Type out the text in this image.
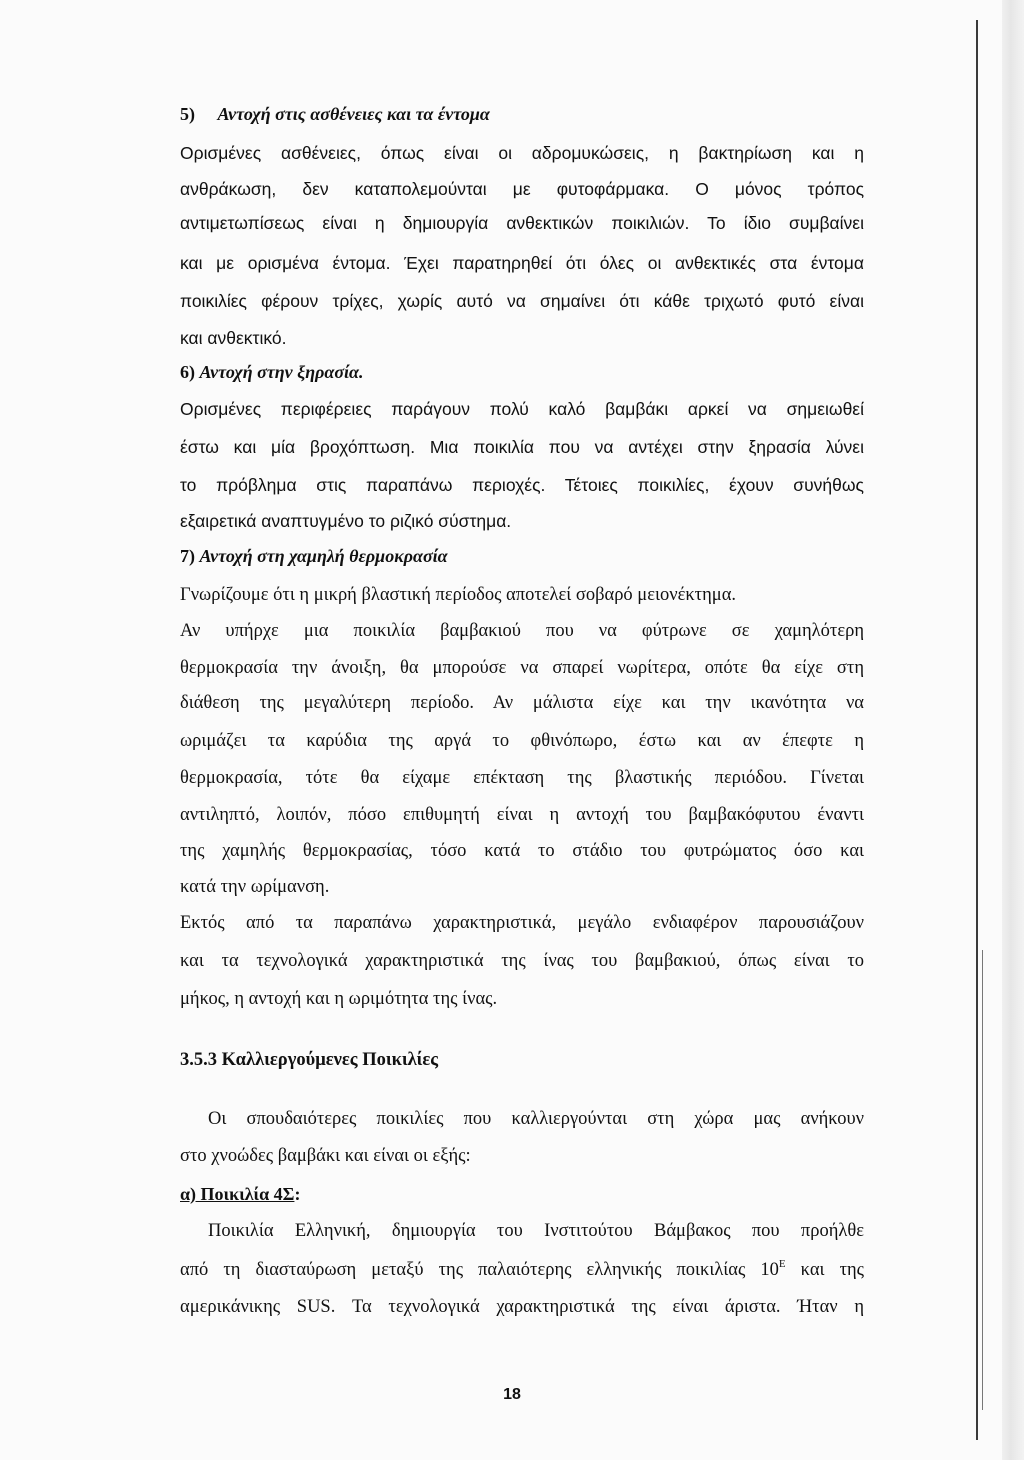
5) Αντοχή στις ασθένειες και τα έντομα

Ορισμένες ασθένειες, όπως είναι οι αδρομυκώσεις, η βακτηρίωση και η

ανθράκωση, δεν καταπολεμούνται με φυτοφάρμακα. Ο μόνος τρόπος

αντιμετωπίσεως είναι η δημιουργία ανθεκτικών ποικιλιών. Το ίδιο συμβαίνει

και με ορισμένα έντομα. Έχει παρατηρηθεί ότι όλες οι ανθεκτικές στα έντομα

ποικιλίες φέρουν τρίχες, χωρίς αυτό να σημαίνει ότι κάθε τριχωτό φυτό είναι

και ανθεκτικό.

6) Αντοχή στην ξηρασία.

Ορισμένες περιφέρειες παράγουν πολύ καλό βαμβάκι αρκεί να σημειωθεί

έστω και μία βροχόπτωση. Μια ποικιλία που να αντέχει στην ξηρασία λύνει

το πρόβλημα στις παραπάνω περιοχές. Τέτοιες ποικιλίες, έχουν συνήθως

εξαιρετικά αναπτυγμένο το ριζικό σύστημα.

7) Αντοχή στη χαμηλή θερμοκρασία

Γνωρίζουμε ότι η μικρή βλαστική περίοδος αποτελεί σοβαρό μειονέκτημα.

Αν υπήρχε μια ποικιλία βαμβακιού που να φύτρωνε σε χαμηλότερη

θερμοκρασία την άνοιξη, θα μπορούσε να σπαρεί νωρίτερα, οπότε θα είχε στη

διάθεση της μεγαλύτερη περίοδο. Αν μάλιστα είχε και την ικανότητα να

ωριμάζει τα καρύδια της αργά το φθινόπωρο, έστω και αν έπεφτε η

θερμοκρασία, τότε θα είχαμε επέκταση της βλαστικής περιόδου. Γίνεται

αντιληπτό, λοιπόν, πόσο επιθυμητή είναι η αντοχή του βαμβακόφυτου έναντι

της χαμηλής θερμοκρασίας, τόσο κατά το στάδιο του φυτρώματος όσο και

κατά την ωρίμανση.

Εκτός από τα παραπάνω χαρακτηριστικά, μεγάλο ενδιαφέρον παρουσιάζουν

και τα τεχνολογικά χαρακτηριστικά της ίνας του βαμβακιού, όπως είναι το

μήκος, η αντοχή και η ωριμότητα της ίνας.

3.5.3 Καλλιεργούμενες Ποικιλίες

Οι σπουδαιότερες ποικιλίες που καλλιεργούνται στη χώρα μας ανήκουν

στο χνοώδες βαμβάκι και είναι οι εξής:

α) Ποικιλία 4Σ:

Ποικιλία Ελληνική, δημιουργία του Ινστιτούτου Βάμβακος που προήλθε

από τη διασταύρωση μεταξύ της παλαιότερης ελληνικής ποικιλίας $10^E$ και της

αμερικάνικης SUS. Τα τεχνολογικά χαρακτηριστικά της είναι άριστα. Ήταν η

18
